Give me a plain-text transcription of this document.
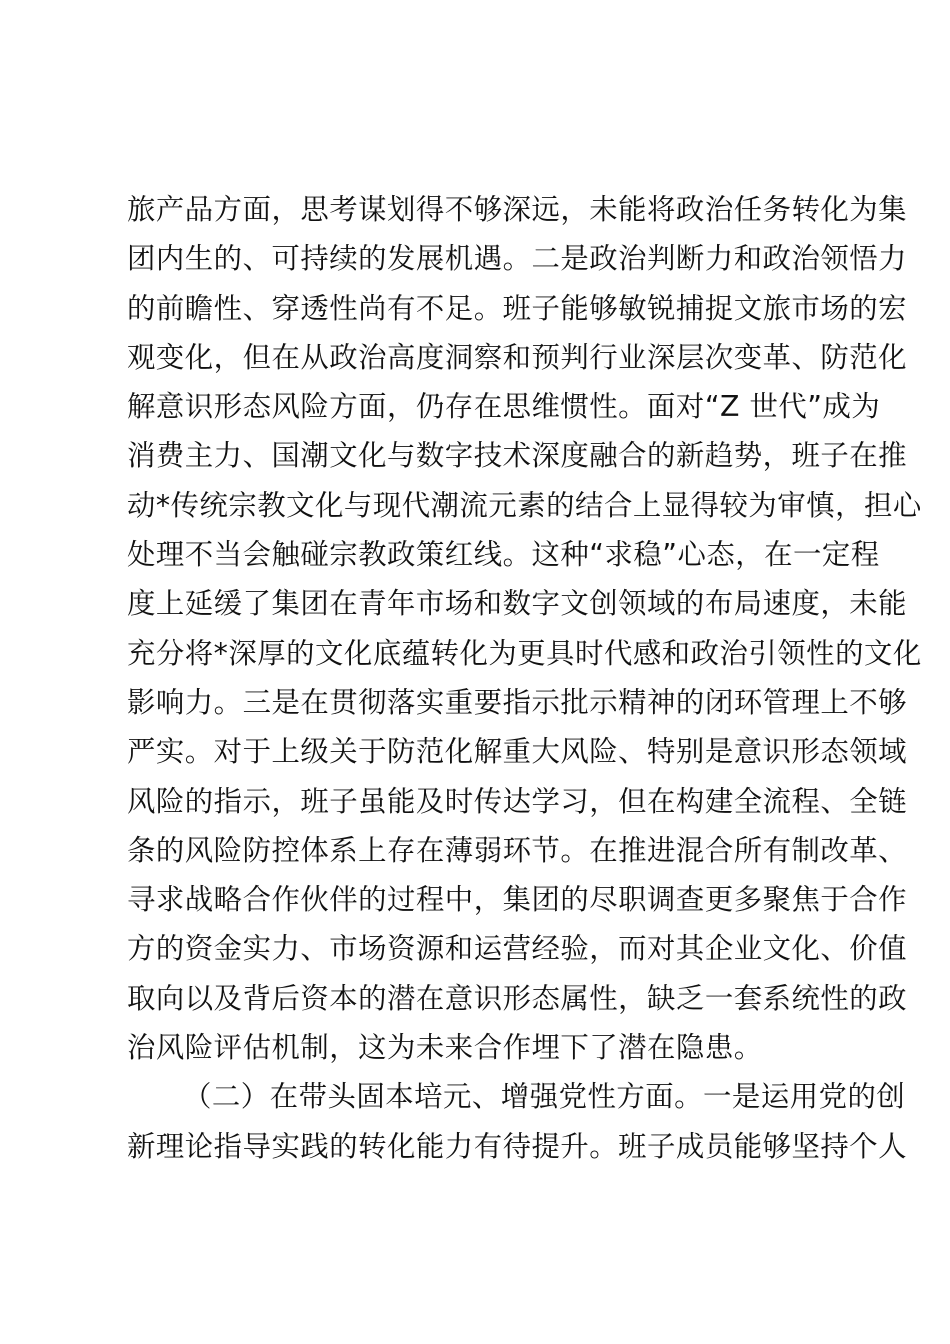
旅产品方面，思考谋划得不够深远，未能将政治任务转化为集
团内生的、可持续的发展机遇。二是政治判断力和政治领悟力
的前瞻性、穿透性尚有不足。班子能够敏锐捕捉文旅市场的宏
观变化，但在从政治高度洞察和预判行业深层次变革、防范化
解意识形态风险方面，仍存在思维惯性。面对“Z 世代”成为
消费主力、国潮文化与数字技术深度融合的新趋势，班子在推
动*传统宗教文化与现代潮流元素的结合上显得较为审慎，担心
处理不当会触碰宗教政策红线。这种“求稳”心态，在一定程
度上延缓了集团在青年市场和数字文创领域的布局速度，未能
充分将*深厚的文化底蕴转化为更具时代感和政治引领性的文化
影响力。三是在贯彻落实重要指示批示精神的闭环管理上不够
严实。对于上级关于防范化解重大风险、特别是意识形态领域
风险的指示，班子虽能及时传达学习，但在构建全流程、全链
条的风险防控体系上存在薄弱环节。在推进混合所有制改革、
寻求战略合作伙伴的过程中，集团的尽职调查更多聚焦于合作
方的资金实力、市场资源和运营经验，而对其企业文化、价值
取向以及背后资本的潜在意识形态属性，缺乏一套系统性的政
治风险评估机制，这为未来合作埋下了潜在隐患。
（二）在带头固本培元、增强党性方面。一是运用党的创
新理论指导实践的转化能力有待提升。班子成员能够坚持个人
